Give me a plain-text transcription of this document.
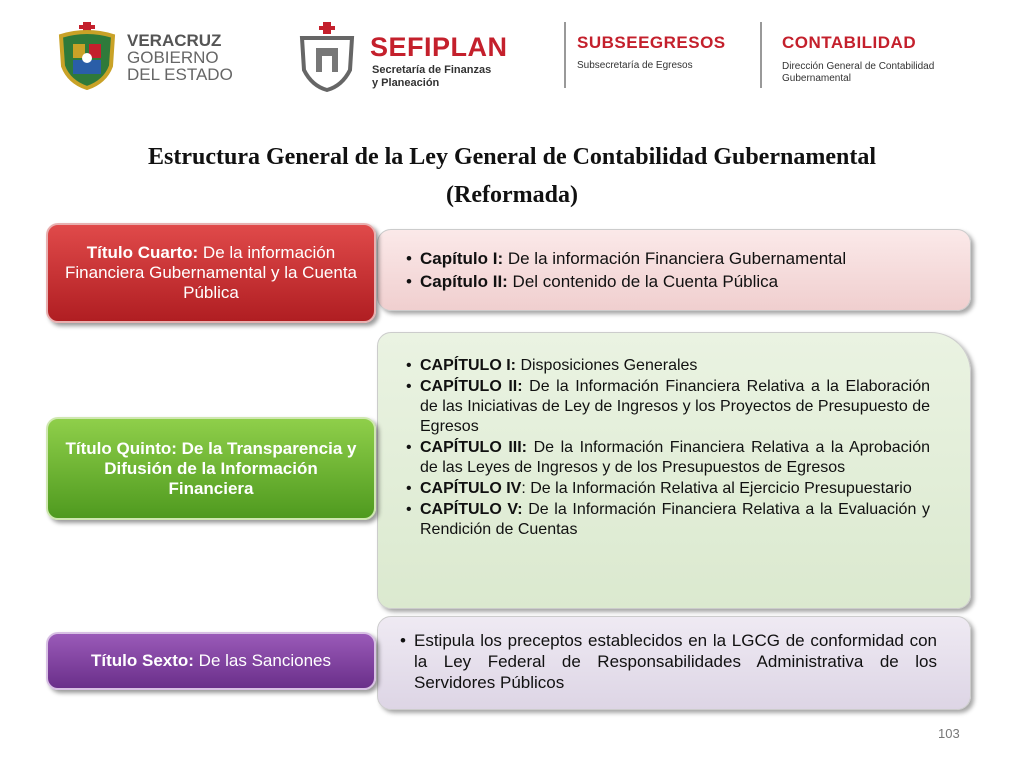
VERACRUZ
GOBIERNO
DEL ESTADO
SEFIPLAN
Secretaría de Finanzas
y Planeación
SUBSEEGRESOS
Subsecretaría de Egresos
CONTABILIDAD
Dirección General de Contabilidad
Gubernamental
Estructura General de la Ley General de Contabilidad Gubernamental
(Reformada)
Título Cuarto: De la información Financiera Gubernamental y la Cuenta Pública
Título Quinto: De la Transparencia y Difusión de la Información Financiera
Título Sexto: De las Sanciones
• Capítulo I: De la información Financiera Gubernamental
• Capítulo II: Del contenido de la Cuenta Pública
• CAPÍTULO I: Disposiciones Generales
• CAPÍTULO II: De la Información Financiera Relativa a la Elaboración de las Iniciativas de Ley de Ingresos y los Proyectos de Presupuesto de Egresos
• CAPÍTULO III: De la Información Financiera Relativa a la Aprobación de las Leyes de Ingresos y de los Presupuestos de Egresos
• CAPÍTULO IV: De la Información Relativa al Ejercicio Presupuestario
• CAPÍTULO V: De la Información Financiera Relativa a la Evaluación y Rendición de Cuentas
• Estipula los preceptos establecidos en la LGCG de conformidad con la Ley Federal de Responsabilidades Administrativa de los Servidores Públicos
103
